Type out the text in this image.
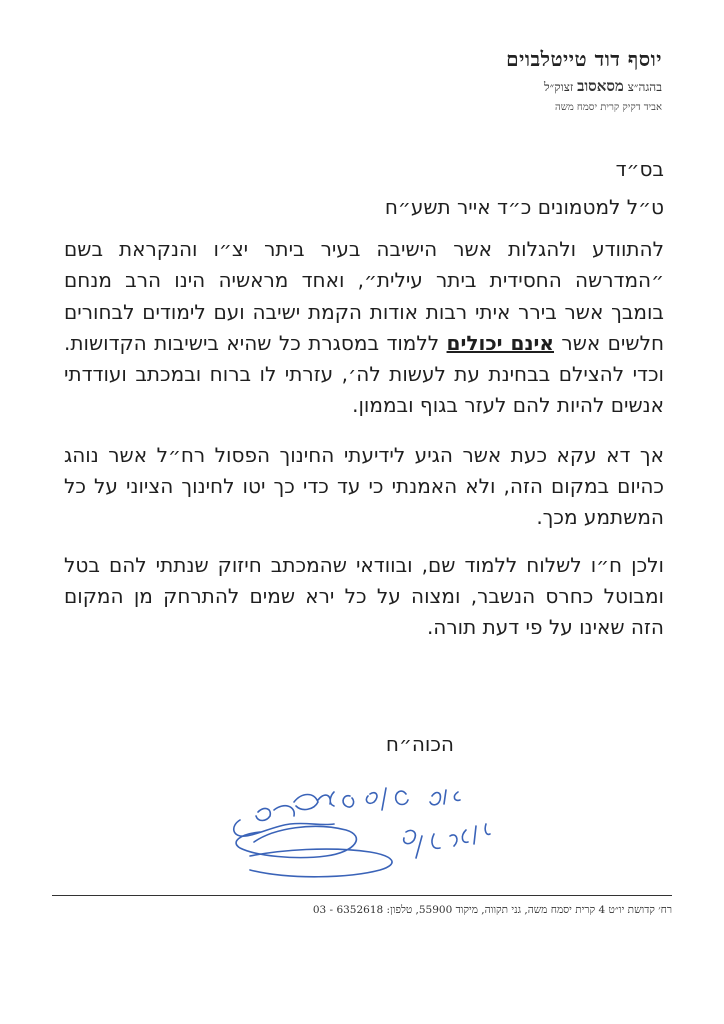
יוסף דוד טייטלבוים
בהגה״צ מסאסוב זצוק״ל
אביד דקיק קרית יסמח משה
בס״ד
ט״ל למטמונים כ״ד אייר תשע״ח
להתוודע ולהגלות אשר הישיבה בעיר ביתר יצ״ו והנקראת בשם ״המדרשה החסידית ביתר עילית״, ואחד מראשיה הינו הרב מנחם בומבך אשר בירר איתי רבות אודות הקמת ישיבה ועם לימודים לבחורים חלשים אשר אינם יכולים ללמוד במסגרת כל שהיא בישיבות הקדושות. וכדי להצילם בבחינת עת לעשות לה׳, עזרתי לו ברוח ובמכתב ועודדתי אנשים להיות להם לעזר בגוף ובממון.
אך דא עקא כעת אשר הגיע לידיעתי החינוך הפסול רח״ל אשר נוהג כהיום במקום הזה, ולא האמנתי כי עד כדי כך יטו לחינוך הציוני על כל המשתמע מכך.
ולכן ח״ו לשלוח ללמוד שם, ובוודאי שהמכתב חיזוק שנתתי להם בטל ומבוטל כחרס הנשבר, ומצוה על כל ירא שמים להתרחק מן המקום הזה שאינו על פי דעת תורה.
הכוה״ח
רח׳ קדושת יו״ט 4 קרית יסמח משה, גני תקווה, מיקוד 55900, טלפון: 6352618 - 03
